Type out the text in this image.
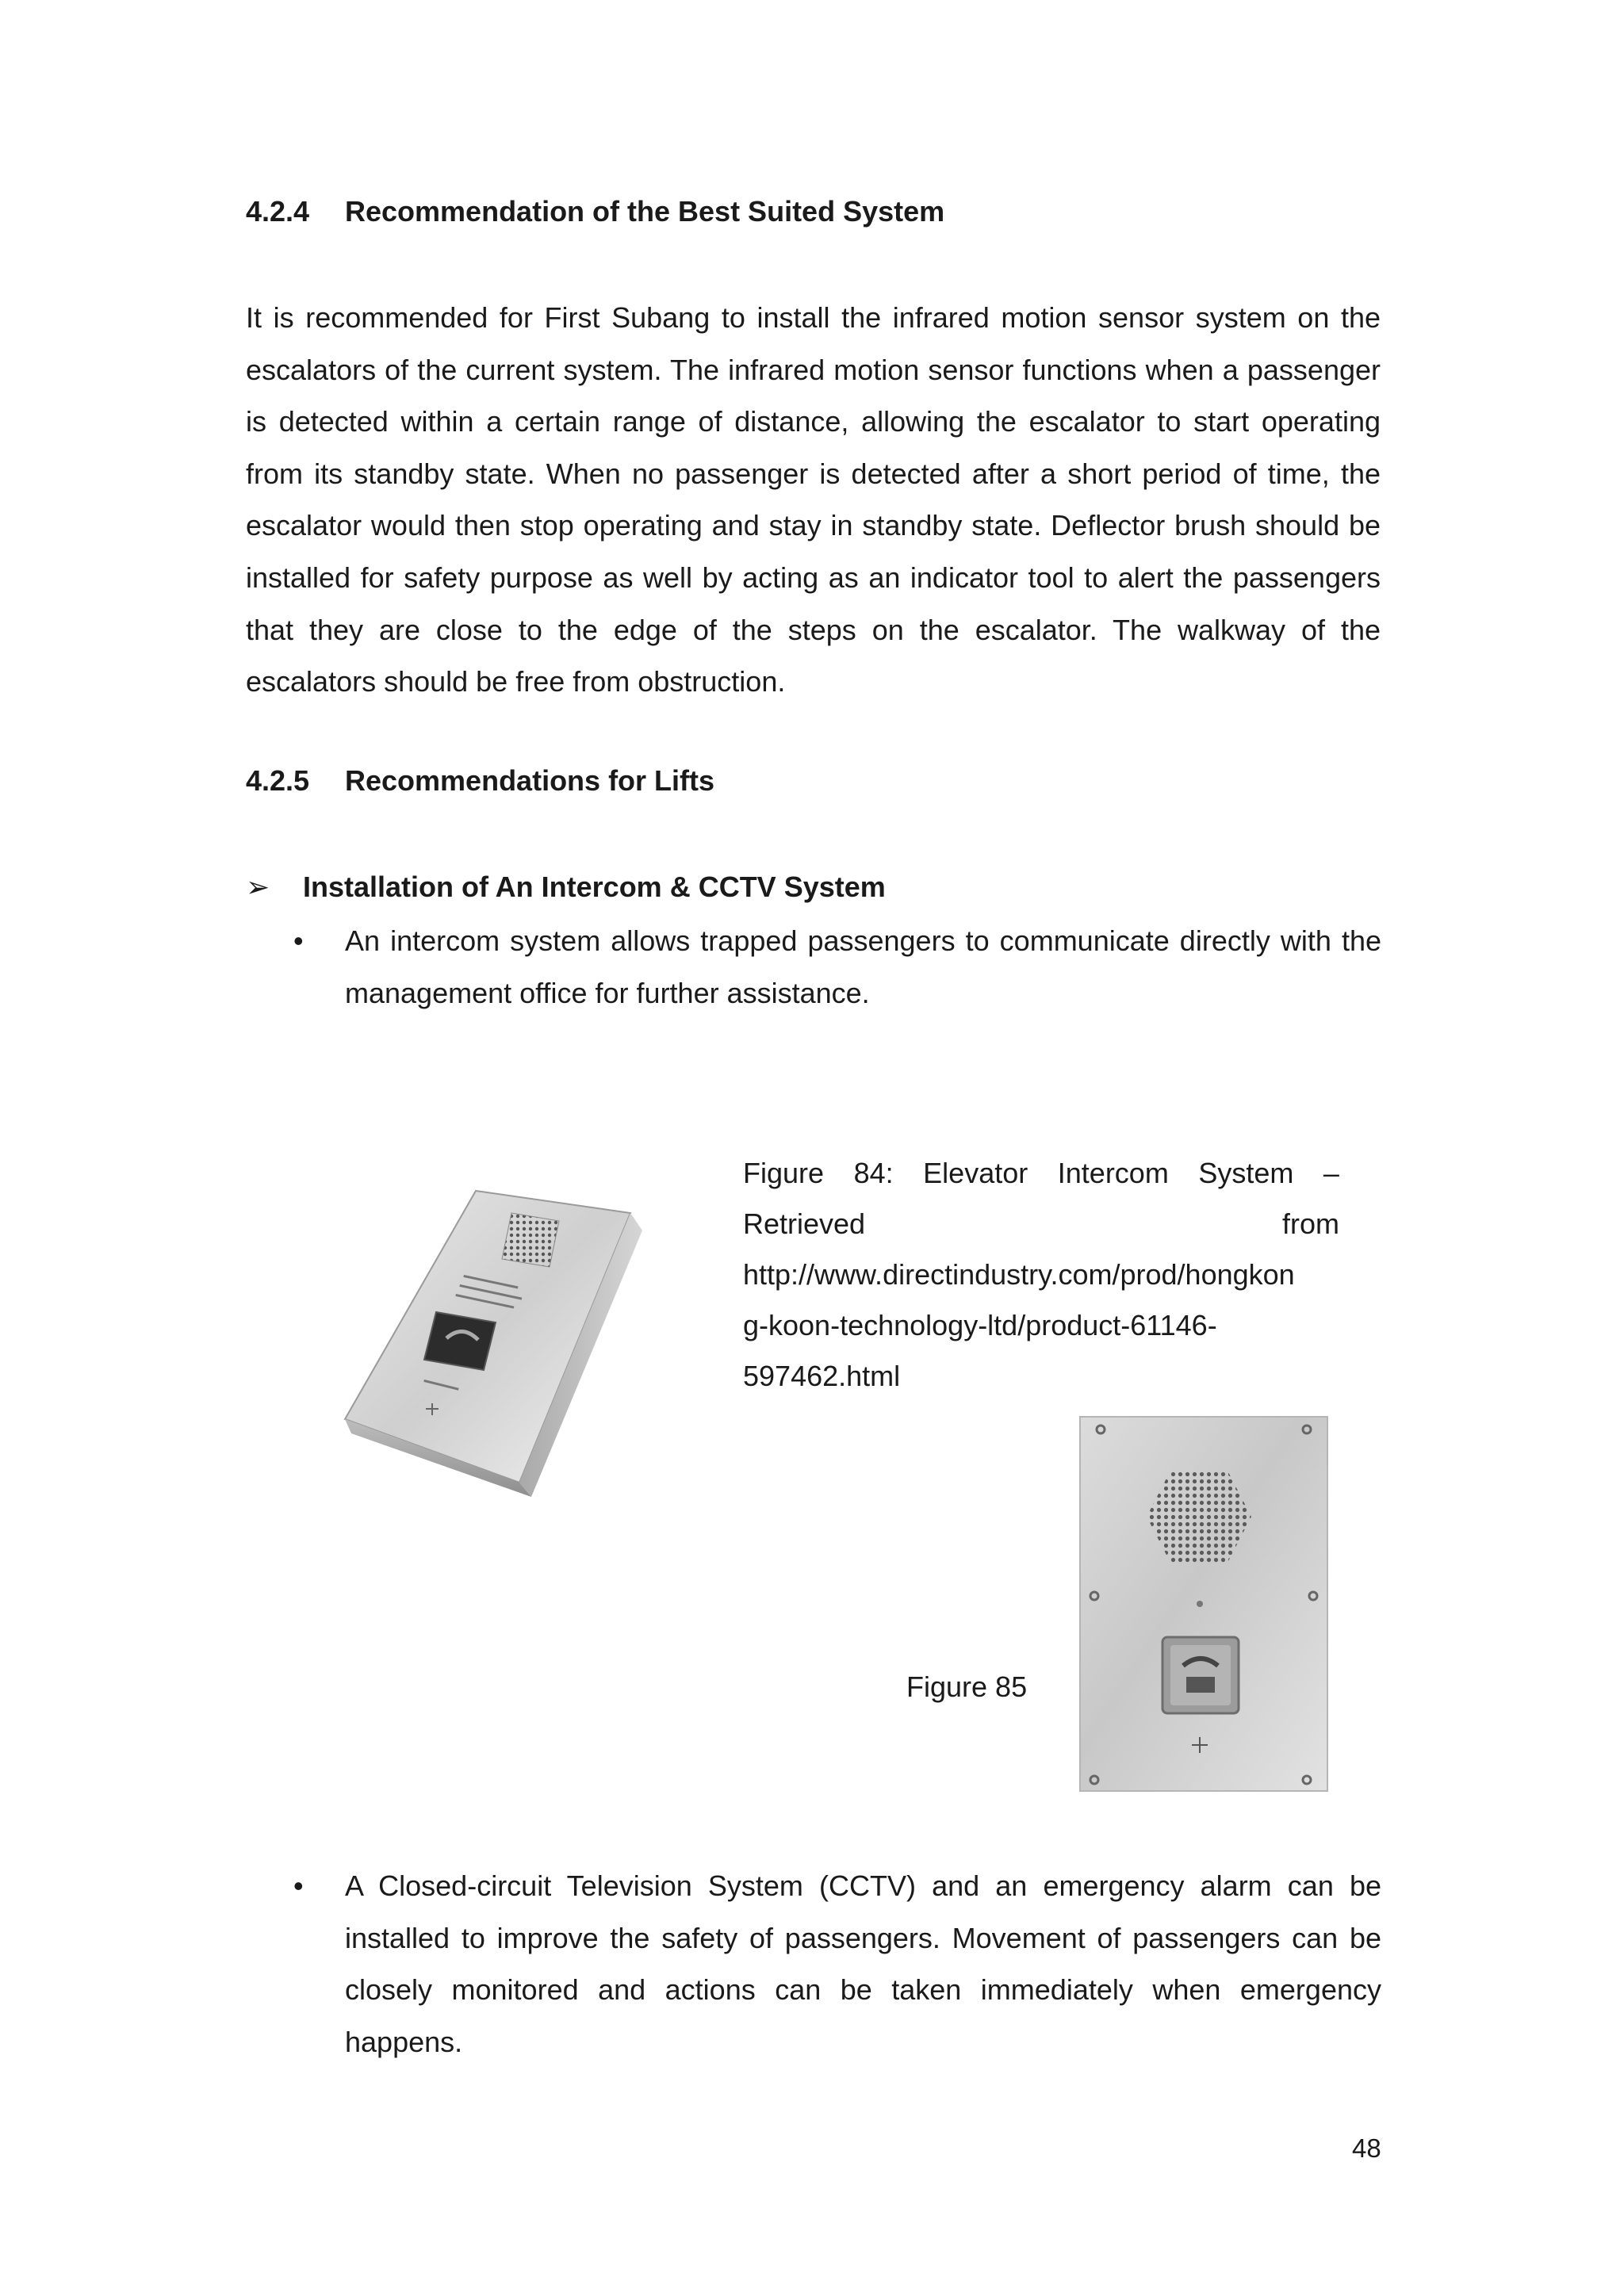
4.2.4 Recommendation of the Best Suited System

It is recommended for First Subang to install the infrared motion sensor system on the escalators of the current system. The infrared motion sensor functions when a passenger is detected within a certain range of distance, allowing the escalator to start operating from its standby state. When no passenger is detected after a short period of time, the escalator would then stop operating and stay in standby state. Deflector brush should be installed for safety purpose as well by acting as an indicator tool to alert the passengers that they are close to the edge of the steps on the escalator. The walkway of the escalators should be free from obstruction.

4.2.5 Recommendations for Lifts
➢ Installation of An Intercom & CCTV System
• An intercom system allows trapped passengers to communicate directly with the management office for further assistance.
Figure 84: Elevator Intercom System –
Retrieved	from
http://www.directindustry.com/prod/hongkon
g-koon-technology-ltd/product-61146-
597462.html
Figure 85
• A Closed-circuit Television System (CCTV) and an emergency alarm can be installed to improve the safety of passengers. Movement of passengers can be closely monitored and actions can be taken immediately when emergency happens.
48
